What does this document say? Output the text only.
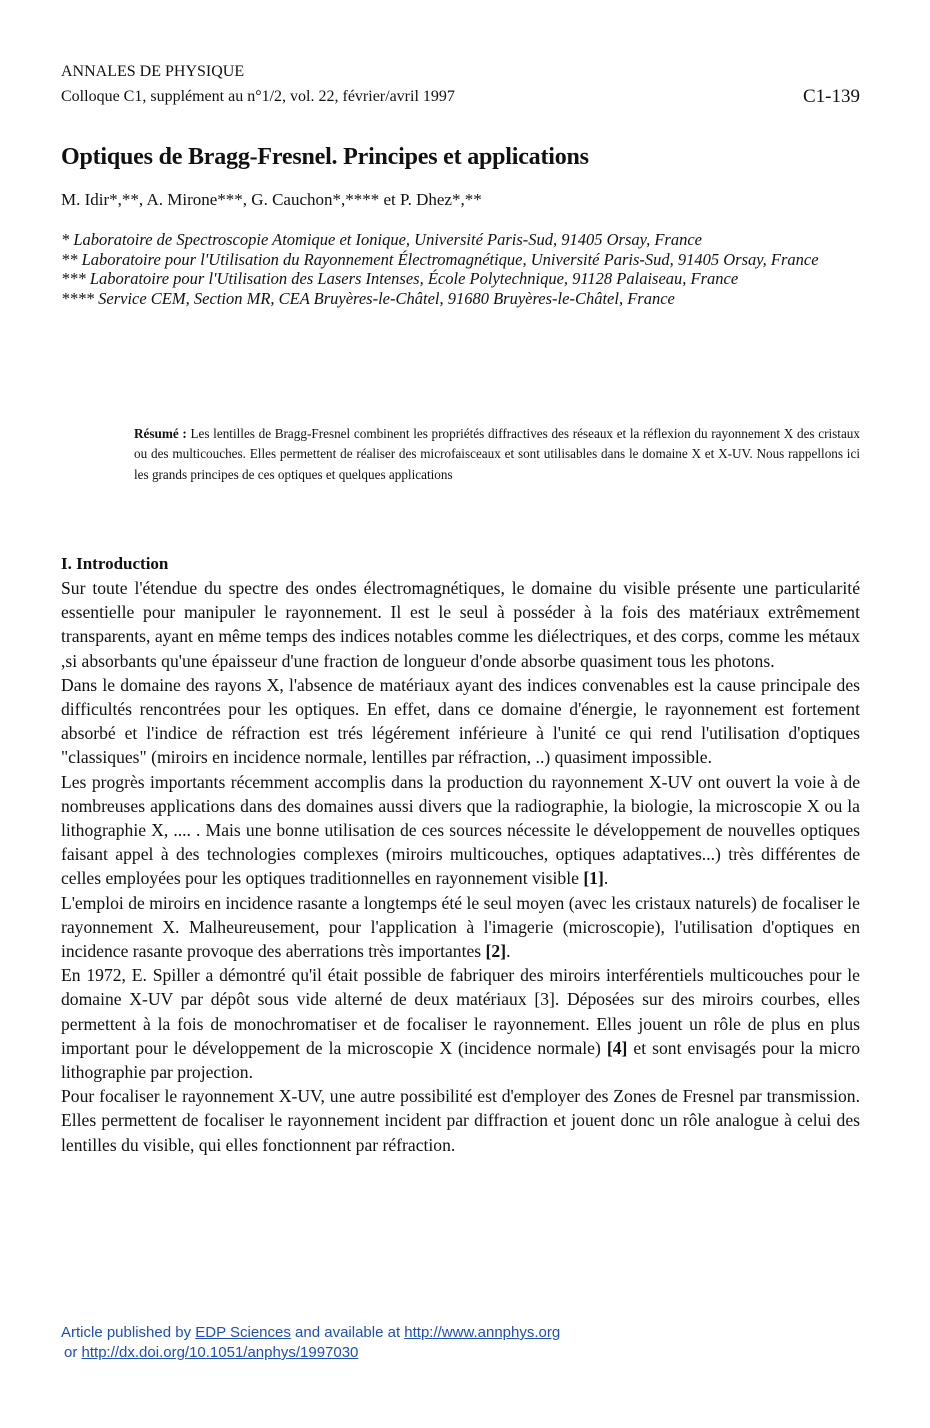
ANNALES DE PHYSIQUE
Colloque C1, supplément au n°1/2, vol. 22, février/avril 1997	C1-139
Optiques de Bragg-Fresnel. Principes et applications
M. Idir*,**, A. Mirone***, G. Cauchon*,**** et P. Dhez*,**
* Laboratoire de Spectroscopie Atomique et Ionique, Université Paris-Sud, 91405 Orsay, France
** Laboratoire pour l'Utilisation du Rayonnement Électromagnétique, Université Paris-Sud, 91405 Orsay, France
*** Laboratoire pour l'Utilisation des Lasers Intenses, École Polytechnique, 91128 Palaiseau, France
**** Service CEM, Section MR, CEA Bruyères-le-Châtel, 91680 Bruyères-le-Châtel, France
Résumé : Les lentilles de Bragg-Fresnel combinent les propriétés diffractives des réseaux et la réflexion du rayonnement X des cristaux ou des multicouches. Elles permettent de réaliser des microfaisceaux et sont utilisables dans le domaine X et X-UV. Nous rappellons ici les grands principes de ces optiques et quelques applications
I. Introduction

Sur toute l'étendue du spectre des ondes électromagnétiques, le domaine du visible présente une particularité essentielle pour manipuler le rayonnement. Il est le seul à posséder à la fois des matériaux extrêmement transparents, ayant en même temps des indices notables comme les diélectriques, et des corps, comme les métaux ,si absorbants qu'une épaisseur d'une fraction de longueur d'onde absorbe quasiment tous les photons.

Dans le domaine des rayons X, l'absence de matériaux ayant des indices convenables est la cause principale des difficultés rencontrées pour les optiques. En effet, dans ce domaine d'énergie, le rayonnement est fortement absorbé et l'indice de réfraction est trés légérement inférieure à l'unité ce qui rend l'utilisation d'optiques "classiques" (miroirs en incidence normale, lentilles par réfraction, ..) quasiment impossible.

Les progrès importants récemment accomplis dans la production du rayonnement X-UV ont ouvert la voie à de nombreuses applications dans des domaines aussi divers que la radiographie, la biologie, la microscopie X ou la lithographie X, .... . Mais une bonne utilisation de ces sources nécessite le développement de nouvelles optiques faisant appel à des technologies complexes (miroirs multicouches, optiques adaptatives...) très différentes de celles employées pour les optiques traditionnelles en rayonnement visible [1].

L'emploi de miroirs en incidence rasante a longtemps été le seul moyen (avec les cristaux naturels) de focaliser le rayonnement X. Malheureusement, pour l'application à l'imagerie (microscopie), l'utilisation d'optiques en incidence rasante provoque des aberrations très importantes [2].

En 1972, E. Spiller a démontré qu'il était possible de fabriquer des miroirs interférentiels multicouches pour le domaine X-UV par dépôt sous vide alterné de deux matériaux [3]. Déposées sur des miroirs courbes, elles permettent à la fois de monochromatiser et de focaliser le rayonnement. Elles jouent un rôle de plus en plus important pour le développement de la microscopie X (incidence normale) [4] et sont envisagés pour la micro lithographie par projection.

Pour focaliser le rayonnement X-UV, une autre possibilité est d'employer des Zones de Fresnel par transmission. Elles permettent de focaliser le rayonnement incident par diffraction et jouent donc un rôle analogue à celui des lentilles du visible, qui elles fonctionnent par réfraction.

Article published by EDP Sciences and available at http://www.annphys.org
or http://dx.doi.org/10.1051/anphys/1997030
